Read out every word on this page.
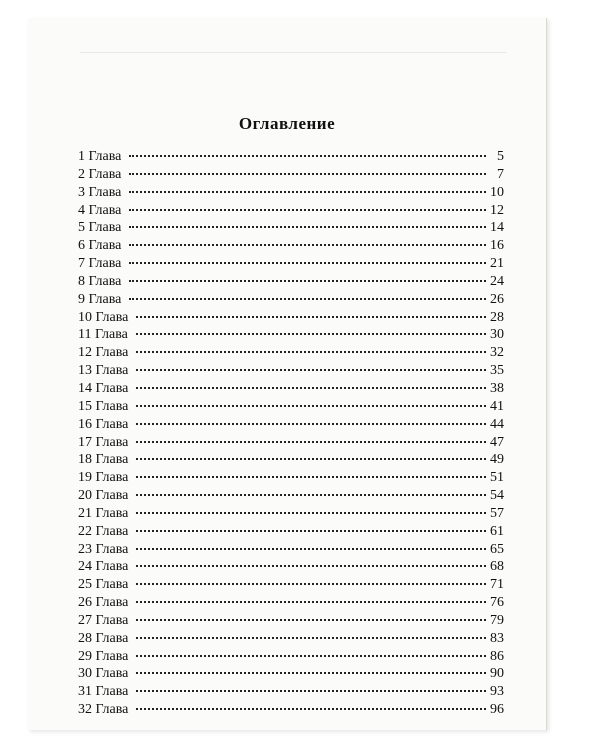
Оглавление
1 Глава	5
2 Глава	7
3 Глава	10
4 Глава	12
5 Глава	14
6 Глава	16
7 Глава	21
8 Глава	24
9 Глава	26
10 Глава	28
11 Глава	30
12 Глава	32
13 Глава	35
14 Глава	38
15 Глава	41
16 Глава	44
17 Глава	47
18 Глава	49
19 Глава	51
20 Глава	54
21 Глава	57
22 Глава	61
23 Глава	65
24 Глава	68
25 Глава	71
26 Глава	76
27 Глава	79
28 Глава	83
29 Глава	86
30 Глава	90
31 Глава	93
32 Глава	96
